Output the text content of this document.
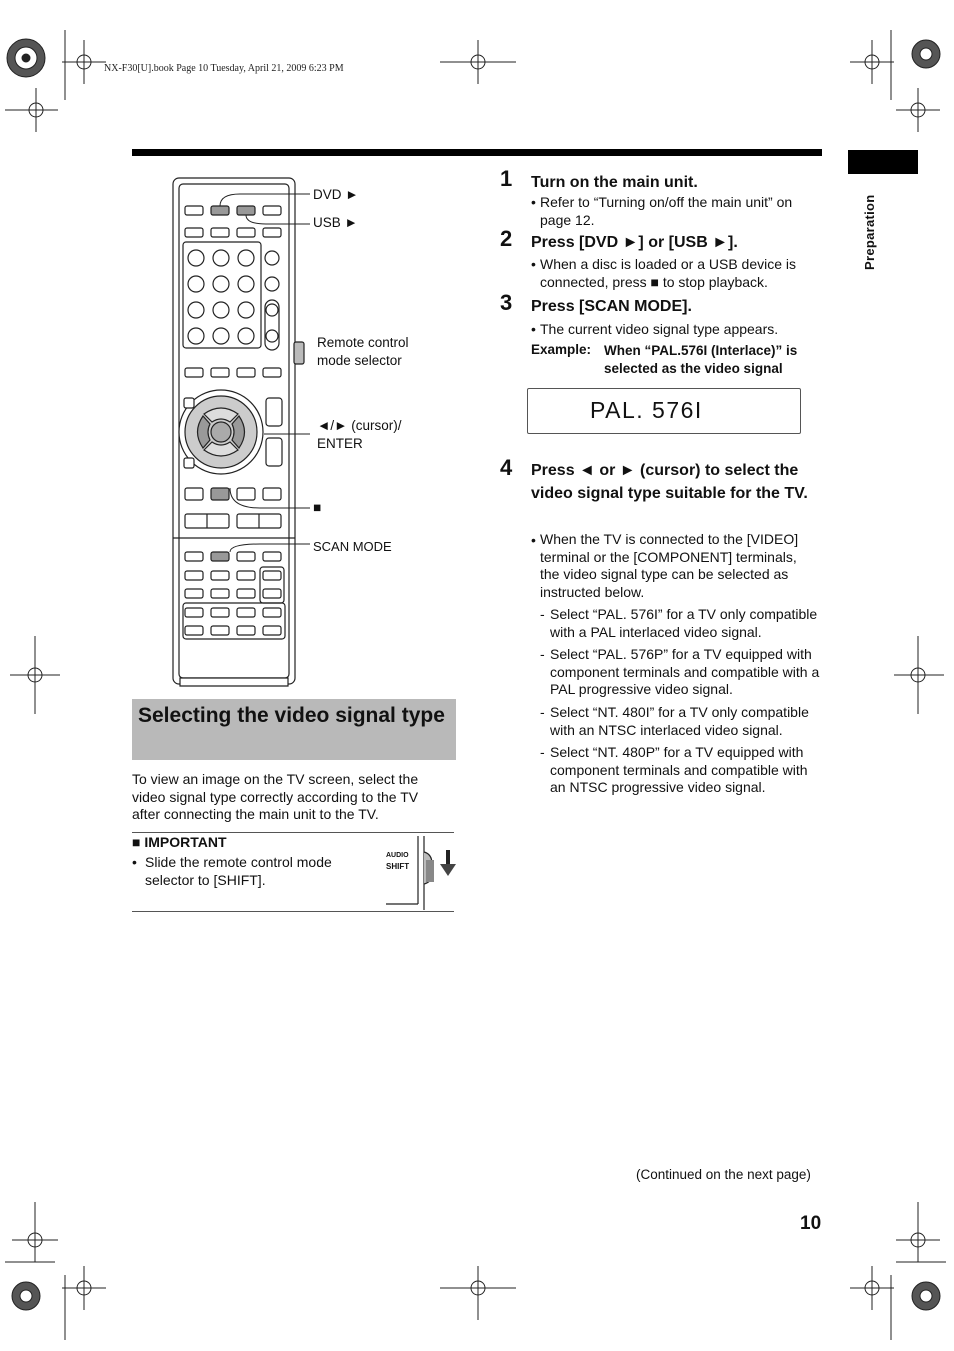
NX-F30[U].book Page 10 Tuesday, April 21, 2009 6:23 PM
Preparation
DVD ►
USB ►
Remote control
mode selector
◄/► (cursor)/
ENTER
■
SCAN MODE
Selecting the video signal type
To view an image on the TV screen, select the video signal type correctly according to the TV after connecting the main unit to the TV.
■ IMPORTANT
• Slide the remote control mode selector to [SHIFT].
AUDIO
SHIFT
1 Turn on the main unit.
• Refer to “Turning on/off the main unit” on page 12.
2 Press [DVD ►] or [USB ►].
• When a disc is loaded or a USB device is connected, press ■ to stop playback.
3 Press [SCAN MODE].
• The current video signal type appears.
Example: When “PAL.576I (Interlace)” is selected as the video signal
PAL. 576I
4 Press ◄ or ► (cursor) to select the video signal type suitable for the TV.
• When the TV is connected to the [VIDEO] terminal or the [COMPONENT] terminals, the video signal type can be selected as instructed below.
- Select “PAL. 576I” for a TV only compatible with a PAL interlaced video signal.
- Select “PAL. 576P” for a TV equipped with component terminals and compatible with a PAL progressive video signal.
- Select “NT. 480I” for a TV only compatible with an NTSC interlaced video signal.
- Select “NT. 480P” for a TV equipped with component terminals and compatible with an NTSC progressive video signal.
(Continued on the next page)
10
